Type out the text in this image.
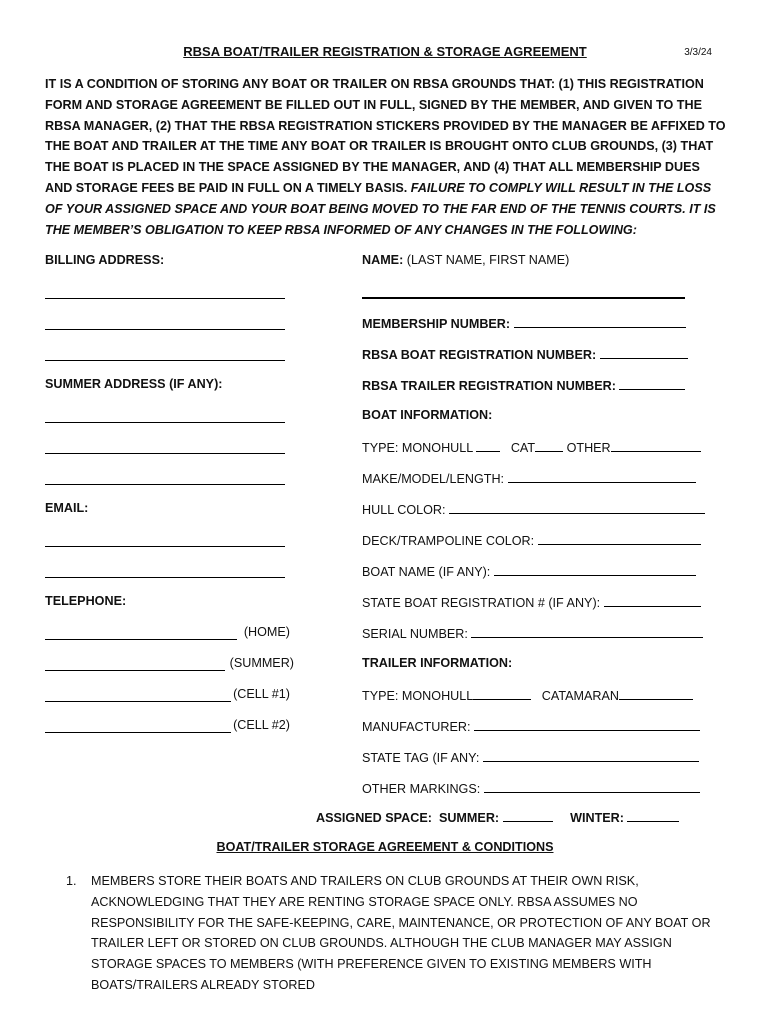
RBSA BOAT/TRAILER REGISTRATION & STORAGE AGREEMENT	3/3/24
IT IS A CONDITION OF STORING ANY BOAT OR TRAILER ON RBSA GROUNDS THAT: (1) THIS REGISTRATION FORM AND STORAGE AGREEMENT BE FILLED OUT IN FULL, SIGNED BY THE MEMBER, AND GIVEN TO THE RBSA MANAGER, (2) THAT THE RBSA REGISTRATION STICKERS PROVIDED BY THE MANAGER BE AFFIXED TO THE BOAT AND TRAILER AT THE TIME ANY BOAT OR TRAILER IS BROUGHT ONTO CLUB GROUNDS, (3) THAT THE BOAT IS PLACED IN THE SPACE ASSIGNED BY THE MANAGER, AND (4) THAT ALL MEMBERSHIP DUES AND STORAGE FEES BE PAID IN FULL ON A TIMELY BASIS. FAILURE TO COMPLY WILL RESULT IN THE LOSS OF YOUR ASSIGNED SPACE AND YOUR BOAT BEING MOVED TO THE FAR END OF THE TENNIS COURTS. IT IS THE MEMBER’S OBLIGATION TO KEEP RBSA INFORMED OF ANY CHANGES IN THE FOLLOWING:
BILLING ADDRESS:
SUMMER ADDRESS (IF ANY):
EMAIL:
TELEPHONE:
(HOME)
(SUMMER)
(CELL #1)
(CELL #2)
NAME: (LAST NAME, FIRST NAME)
MEMBERSHIP NUMBER:
RBSA BOAT REGISTRATION NUMBER:
RBSA TRAILER REGISTRATION NUMBER:
BOAT INFORMATION:
TYPE: MONOHULL	CAT	OTHER
MAKE/MODEL/LENGTH:
HULL COLOR:
DECK/TRAMPOLINE COLOR:
BOAT NAME (IF ANY):
STATE BOAT REGISTRATION # (IF ANY):
SERIAL NUMBER:
TRAILER INFORMATION:
TYPE: MONOHULL	CATAMARAN
MANUFACTURER:
STATE TAG (IF ANY:
OTHER MARKINGS:
ASSIGNED SPACE: SUMMER:	WINTER:
BOAT/TRAILER STORAGE AGREEMENT & CONDITIONS
1. MEMBERS STORE THEIR BOATS AND TRAILERS ON CLUB GROUNDS AT THEIR OWN RISK, ACKNOWLEDGING THAT THEY ARE RENTING STORAGE SPACE ONLY. RBSA ASSUMES NO RESPONSIBILITY FOR THE SAFE-KEEPING, CARE, MAINTENANCE, OR PROTECTION OF ANY BOAT OR TRAILER LEFT OR STORED ON CLUB GROUNDS. ALTHOUGH THE CLUB MANAGER MAY ASSIGN STORAGE SPACES TO MEMBERS (WITH PREFERENCE GIVEN TO EXISTING MEMBERS WITH BOATS/TRAILERS ALREADY STORED
